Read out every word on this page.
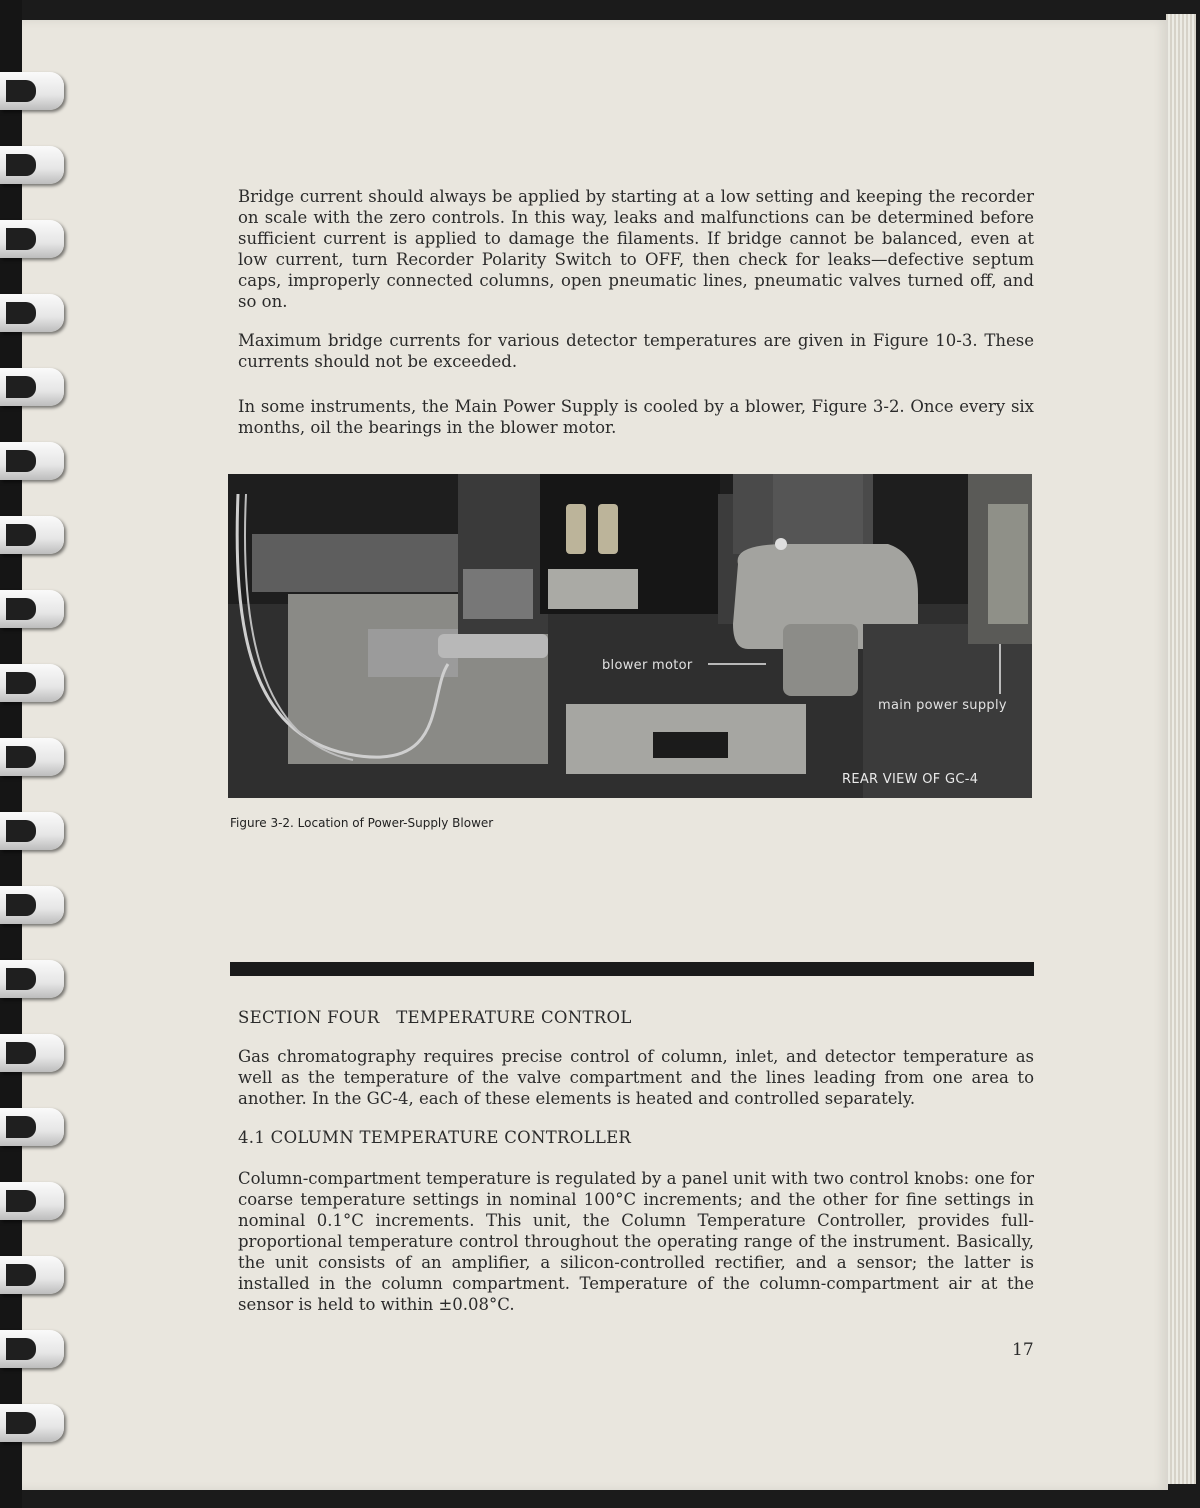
Bridge current should always be applied by starting at a low setting and keeping the recorder on scale with the zero controls. In this way, leaks and malfunctions can be determined before sufficient current is applied to damage the filaments. If bridge cannot be balanced, even at low current, turn Recorder Polarity Switch to OFF, then check for leaks—defective septum caps, improperly connected columns, open pneumatic lines, pneumatic valves turned off, and so on.

Maximum bridge currents for various detector temperatures are given in Figure 10-3. These currents should not be exceeded.

In some instruments, the Main Power Supply is cooled by a blower, Figure 3-2. Once every six months, oil the bearings in the blower motor.

blower motor
main power supply
REAR VIEW OF GC-4

Figure 3-2. Location of Power-Supply Blower

SECTION FOUR   TEMPERATURE CONTROL

Gas chromatography requires precise control of column, inlet, and detector temperature as well as the temperature of the valve compartment and the lines leading from one area to another. In the GC-4, each of these elements is heated and controlled separately.

4.1 COLUMN TEMPERATURE CONTROLLER

Column-compartment temperature is regulated by a panel unit with two control knobs: one for coarse temperature settings in nominal 100°C increments; and the other for fine settings in nominal 0.1°C increments. This unit, the Column Temperature Controller, provides full-proportional temperature control throughout the operating range of the instrument. Basically, the unit consists of an amplifier, a silicon-controlled rectifier, and a sensor; the latter is installed in the column compartment. Temperature of the column-compartment air at the sensor is held to within ±0.08°C.

17
